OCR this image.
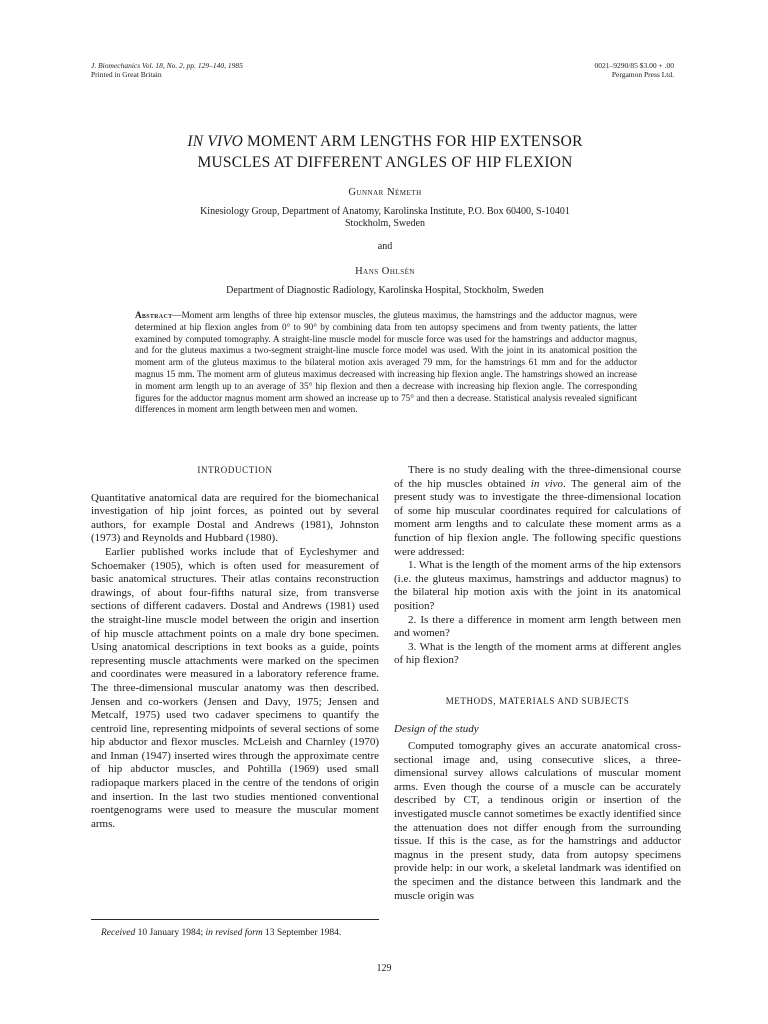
J. Biomechanics Vol. 18, No. 2, pp. 129–140, 1985
Printed in Great Britain
0021–9290/85 $3.00 + .00
Pergamon Press Ltd.
IN VIVO MOMENT ARM LENGTHS FOR HIP EXTENSOR
MUSCLES AT DIFFERENT ANGLES OF HIP FLEXION
Gunnar Németh
Kinesiology Group, Department of Anatomy, Karolinska Institute, P.O. Box 60400, S-10401
Stockholm, Sweden
and
Hans Ohlsén
Department of Diagnostic Radiology, Karolinska Hospital, Stockholm, Sweden
Abstract—Moment arm lengths of three hip extensor muscles, the gluteus maximus, the hamstrings and the adductor magnus, were determined at hip flexion angles from 0° to 90° by combining data from ten autopsy specimens and from twenty patients, the latter examined by computed tomography. A straight-line muscle model for muscle force was used for the hamstrings and adductor magnus, and for the gluteus maximus a two-segment straight-line muscle force model was used. With the joint in its anatomical position the moment arm of the gluteus maximus to the bilateral motion axis averaged 79 mm, for the hamstrings 61 mm and for the adductor magnus 15 mm. The moment arm of gluteus maximus decreased with increasing hip flexion angle. The hamstrings showed an increase in moment arm length up to an average of 35° hip flexion and then a decrease with increasing hip flexion angle. The corresponding figures for the adductor magnus moment arm showed an increase up to 75° and then a decrease. Statistical analysis revealed significant differences in moment arm length between men and women.
INTRODUCTION

Quantitative anatomical data are required for the biomechanical investigation of hip joint forces, as pointed out by several authors, for example Dostal and Andrews (1981), Johnston (1973) and Reynolds and Hubbard (1980).

Earlier published works include that of Eycleshymer and Schoemaker (1905), which is often used for measurement of basic anatomical structures. Their atlas contains reconstruction drawings, of about four-fifths natural size, from transverse sections of different cadavers. Dostal and Andrews (1981) used the straight-line muscle model between the origin and insertion of hip muscle attachment points on a male dry bone specimen. Using anatomical descriptions in text books as a guide, points representing muscle attachments were marked on the specimen and coordinates were measured in a laboratory reference frame. The three-dimensional muscular anatomy was then described. Jensen and co-workers (Jensen and Davy, 1975; Jensen and Metcalf, 1975) used two cadaver specimens to quantify the centroid line, representing midpoints of several sections of some hip abductor and flexor muscles. McLeish and Charnley (1970) and Inman (1947) inserted wires through the approximate centre of hip abductor muscles, and Pohtilla (1969) used small radiopaque markers placed in the centre of the tendons of origin and insertion. In the last two studies mentioned conventional roentgenograms were used to measure the muscular moment arms.

There is no study dealing with the three-dimensional course of the hip muscles obtained in vivo. The general aim of the present study was to investigate the three-dimensional location of some hip muscular coordinates required for calculations of moment arm lengths and to calculate these moment arms as a function of hip flexion angle. The following specific questions were addressed:

1. What is the length of the moment arms of the hip extensors (i.e. the gluteus maximus, hamstrings and adductor magnus) to the bilateral hip motion axis with the joint in its anatomical position?

2. Is there a difference in moment arm length between men and women?

3. What is the length of the moment arms at different angles of hip flexion?

METHODS, MATERIALS AND SUBJECTS
Design of the study

Computed tomography gives an accurate anatomical cross-sectional image and, using consecutive slices, a three-dimensional survey allows calculations of muscular moment arms. Even though the course of a muscle can be accurately described by CT, a tendinous origin or insertion of the investigated muscle cannot sometimes be exactly identified since the attenuation does not differ enough from the surrounding tissue. If this is the case, as for the hamstrings and adductor magnus in the present study, data from autopsy specimens provide help: in our work, a skeletal landmark was identified on the specimen and the distance between this landmark and the muscle origin was

Received 10 January 1984; in revised form 13 September 1984.
129
